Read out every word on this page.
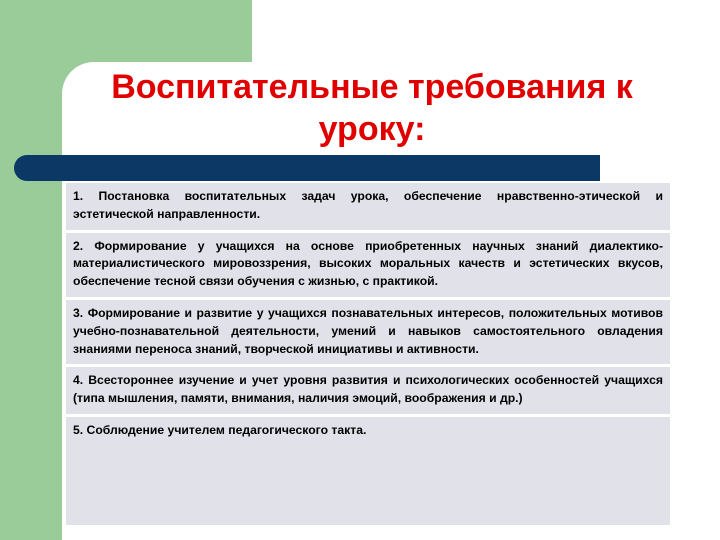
Воспитательные требования к уроку:
1. Постановка воспитательных задач урока, обеспечение нравственно-этической и эстетической направленности.
2. Формирование у учащихся на основе приобретенных научных знаний диалектико-материалистического мировоззрения, высоких моральных качеств и эстетических вкусов, обеспечение тесной связи обучения с жизнью, с практикой.
3. Формирование и развитие у учащихся познавательных интересов, положительных мотивов учебно-познавательной деятельности, умений и навыков самостоятельного овладения знаниями переноса знаний, творческой инициативы и активности.
4. Всестороннее изучение и учет уровня развития и психологических особенностей учащихся (типа мышления, памяти, внимания, наличия эмоций, воображения и др.)
5. Соблюдение учителем педагогического такта.
